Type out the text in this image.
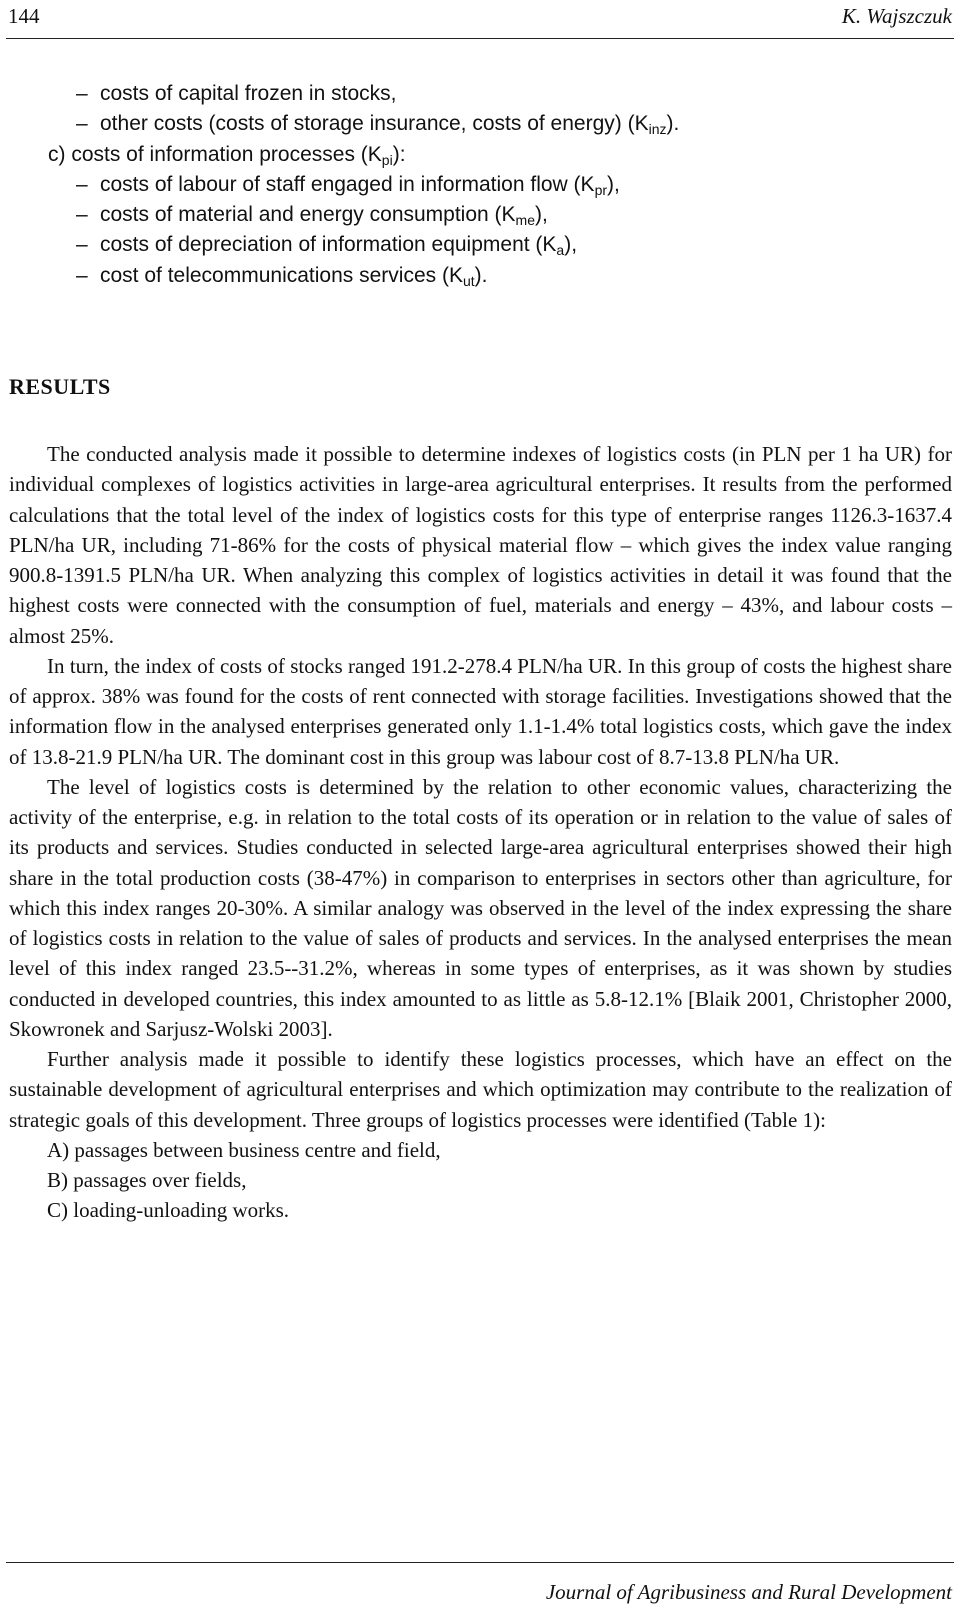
144	K. Wajszczuk
– costs of capital frozen in stocks,
– other costs (costs of storage insurance, costs of energy) $(K_{inz})$.
c) costs of information processes $(K_{pi})$:
– costs of labour of staff engaged in information flow $(K_{pr})$,
– costs of material and energy consumption $(K_{me})$,
– costs of depreciation of information equipment $(K_a)$,
– cost of telecommunications services $(K_{ut})$.
RESULTS

The conducted analysis made it possible to determine indexes of logistics costs (in PLN per 1 ha UR) for individual complexes of logistics activities in large-area agricultural enterprises. It results from the performed calculations that the total level of the index of logistics costs for this type of enterprise ranges 1126.3-1637.4 PLN/ha UR, including 71-86% for the costs of physical material flow – which gives the index value ranging 900.8-1391.5 PLN/ha UR. When analyzing this complex of logistics activities in detail it was found that the highest costs were connected with the consumption of fuel, materials and energy – 43%, and labour costs – almost 25%.

In turn, the index of costs of stocks ranged 191.2-278.4 PLN/ha UR. In this group of costs the highest share of approx. 38% was found for the costs of rent connected with storage facilities. Investigations showed that the information flow in the analysed enterprises generated only 1.1-1.4% total logistics costs, which gave the index of 13.8-21.9 PLN/ha UR. The dominant cost in this group was labour cost of 8.7-13.8 PLN/ha UR.

The level of logistics costs is determined by the relation to other economic values, characterizing the activity of the enterprise, e.g. in relation to the total costs of its operation or in relation to the value of sales of its products and services. Studies conducted in selected large-area agricultural enterprises showed their high share in the total production costs (38-47%) in comparison to enterprises in sectors other than agriculture, for which this index ranges 20-30%. A similar analogy was observed in the level of the index expressing the share of logistics costs in relation to the value of sales of products and services. In the analysed enterprises the mean level of this index ranged 23.5--31.2%, whereas in some types of enterprises, as it was shown by studies conducted in developed countries, this index amounted to as little as 5.8-12.1% [Blaik 2001, Christopher 2000, Skowronek and Sarjusz-Wolski 2003].

Further analysis made it possible to identify these logistics processes, which have an effect on the sustainable development of agricultural enterprises and which optimization may contribute to the realization of strategic goals of this development. Three groups of logistics processes were identified (Table 1):

A) passages between business centre and field,
B) passages over fields,
C) loading-unloading works.
Journal of Agribusiness and Rural Development
